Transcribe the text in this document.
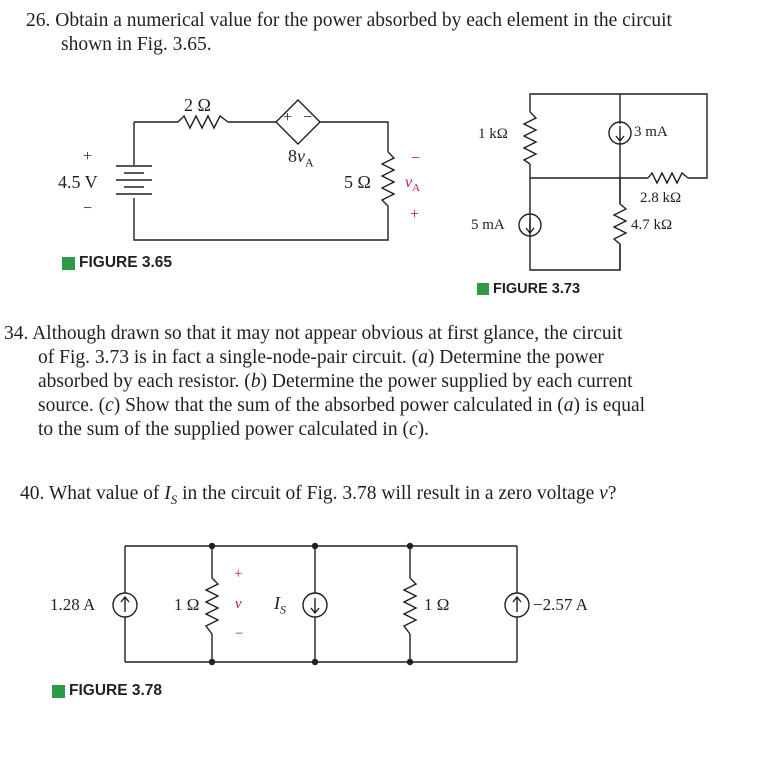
26. Obtain a numerical value for the power absorbed by each element in the circuit
shown in Fig. 3.65.
2 Ω
+ −
$8v_A$
+
4.5 V
−
5 Ω
−
$v_A$
+
FIGURE 3.65
1 kΩ	3 mA
2.8 kΩ
5 mA	4.7 kΩ
FIGURE 3.73
34. Although drawn so that it may not appear obvious at first glance, the circuit
of Fig. 3.73 is in fact a single-node-pair circuit. (a) Determine the power
absorbed by each resistor. (b) Determine the power supplied by each current
source. (c) Show that the sum of the absorbed power calculated in (a) is equal
to the sum of the supplied power calculated in (c).
40. What value of $I_S$ in the circuit of Fig. 3.78 will result in a zero voltage v?
1.28 A	1 Ω
+
v
−
$I_S$	1 Ω	−2.57 A
FIGURE 3.78
